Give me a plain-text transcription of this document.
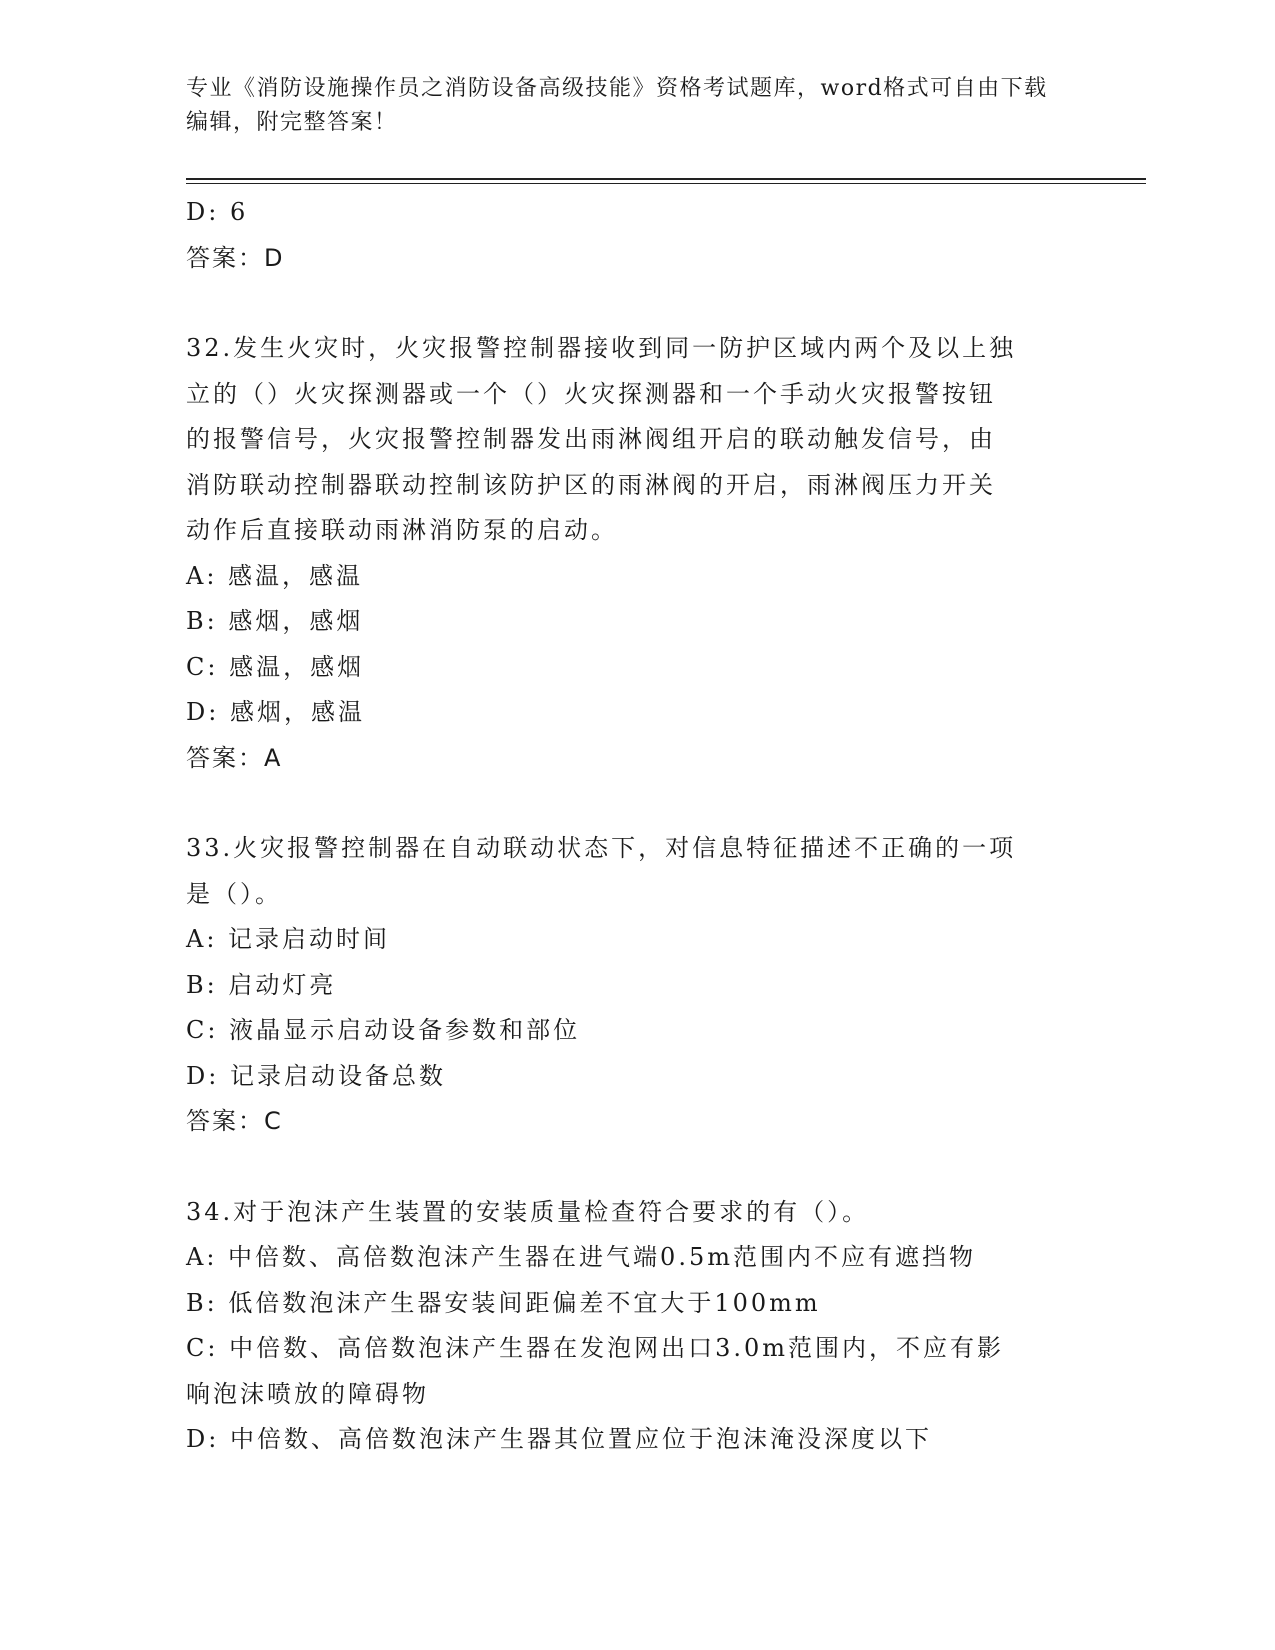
专业《消防设施操作员之消防设备高级技能》资格考试题库，word格式可自由下载编辑，附完整答案！
D: 6
答案：D
32.发生火灾时，火灾报警控制器接收到同一防护区域内两个及以上独
立的（）火灾探测器或一个（）火灾探测器和一个手动火灾报警按钮
的报警信号，火灾报警控制器发出雨淋阀组开启的联动触发信号，由
消防联动控制器联动控制该防护区的雨淋阀的开启，雨淋阀压力开关
动作后直接联动雨淋消防泵的启动。
A: 感温，感温
B: 感烟，感烟
C: 感温，感烟
D: 感烟，感温
答案：A
33.火灾报警控制器在自动联动状态下，对信息特征描述不正确的一项
是（）。
A: 记录启动时间
B: 启动灯亮
C: 液晶显示启动设备参数和部位
D: 记录启动设备总数
答案：C
34.对于泡沫产生装置的安装质量检查符合要求的有（）。
A: 中倍数、高倍数泡沫产生器在进气端0.5m范围内不应有遮挡物
B: 低倍数泡沫产生器安装间距偏差不宜大于100mm
C: 中倍数、高倍数泡沫产生器在发泡网出口3.0m范围内，不应有影
响泡沫喷放的障碍物
D: 中倍数、高倍数泡沫产生器其位置应位于泡沫淹没深度以下
